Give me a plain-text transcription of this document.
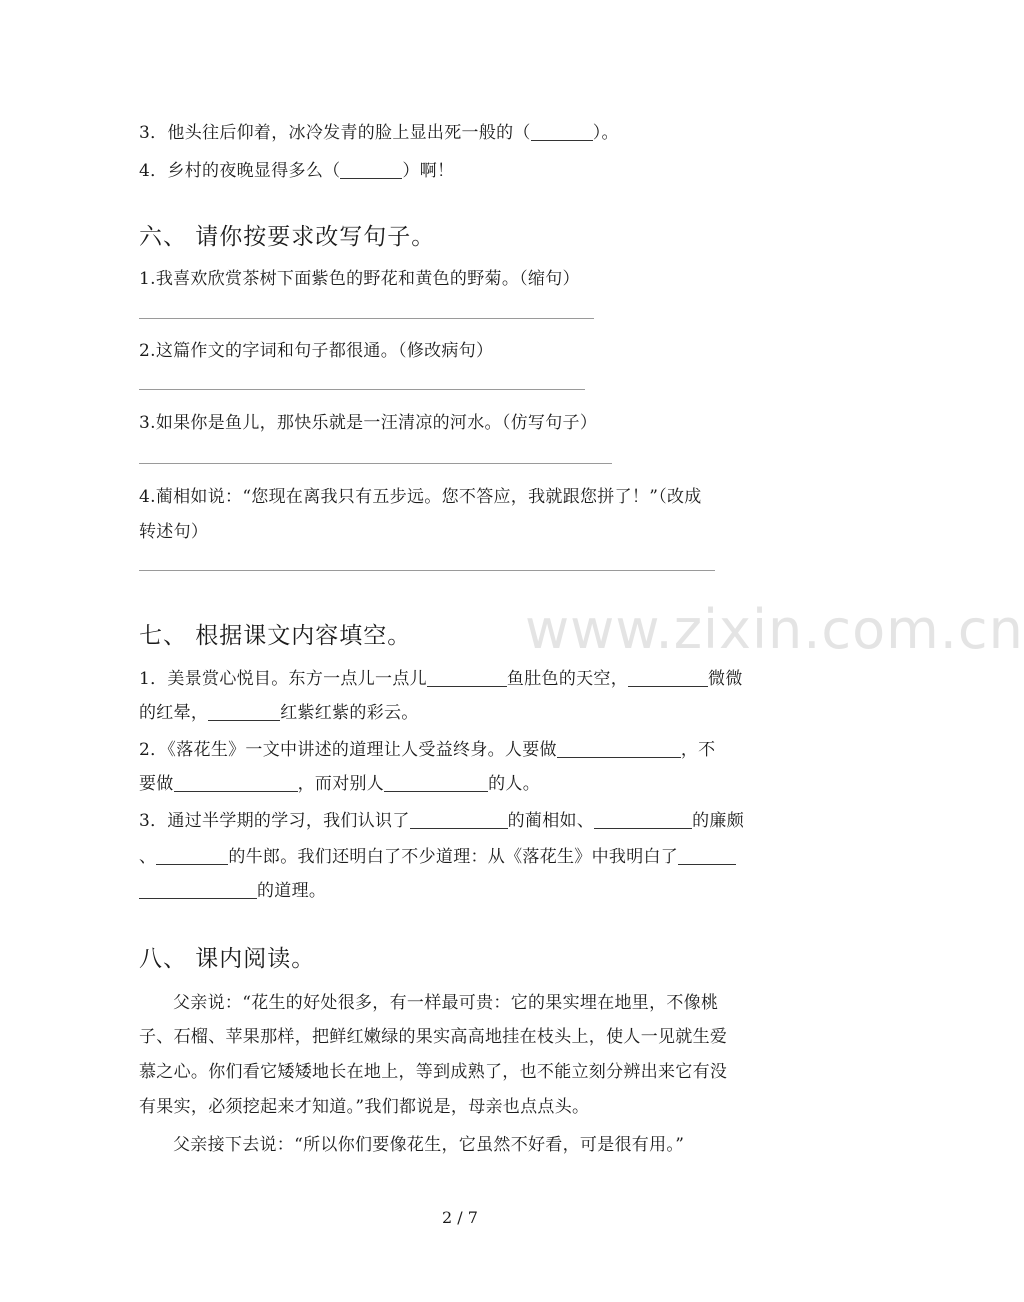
www.zixin.com.cn
3．他头往后仰着，冰冷发青的脸上显出死一般的（	）。
4．乡村的夜晚显得多么（	）啊！
六、 请你按要求改写句子。
1.我喜欢欣赏茶树下面紫色的野花和黄色的野菊。（缩句）
2.这篇作文的字词和句子都很通。（修改病句）
3.如果你是鱼儿，那快乐就是一汪清凉的河水。（仿写句子）
4.蔺相如说：“您现在离我只有五步远。您不答应，我就跟您拼了！”（改成
转述句）
七、 根据课文内容填空。
1．美景赏心悦目。东方一点儿一点儿	鱼肚色的天空，	微微
的红晕，	红紫红紫的彩云。
2．《落花生》一文中讲述的道理让人受益终身。人要做	，不
要做	，而对别人	的人。
3．通过半学期的学习，我们认识了	的蔺相如、	的廉颇
、	的牛郎。我们还明白了不少道理：从《落花生》中我明白了
的道理。
八、 课内阅读。
父亲说：“花生的好处很多，有一样最可贵：它的果实埋在地里，不像桃
子、石榴、苹果那样，把鲜红嫩绿的果实高高地挂在枝头上，使人一见就生爱
慕之心。你们看它矮矮地长在地上，等到成熟了，也不能立刻分辨出来它有没
有果实，必须挖起来才知道。”我们都说是，母亲也点点头。
父亲接下去说：“所以你们要像花生，它虽然不好看，可是很有用。”
2 / 7
